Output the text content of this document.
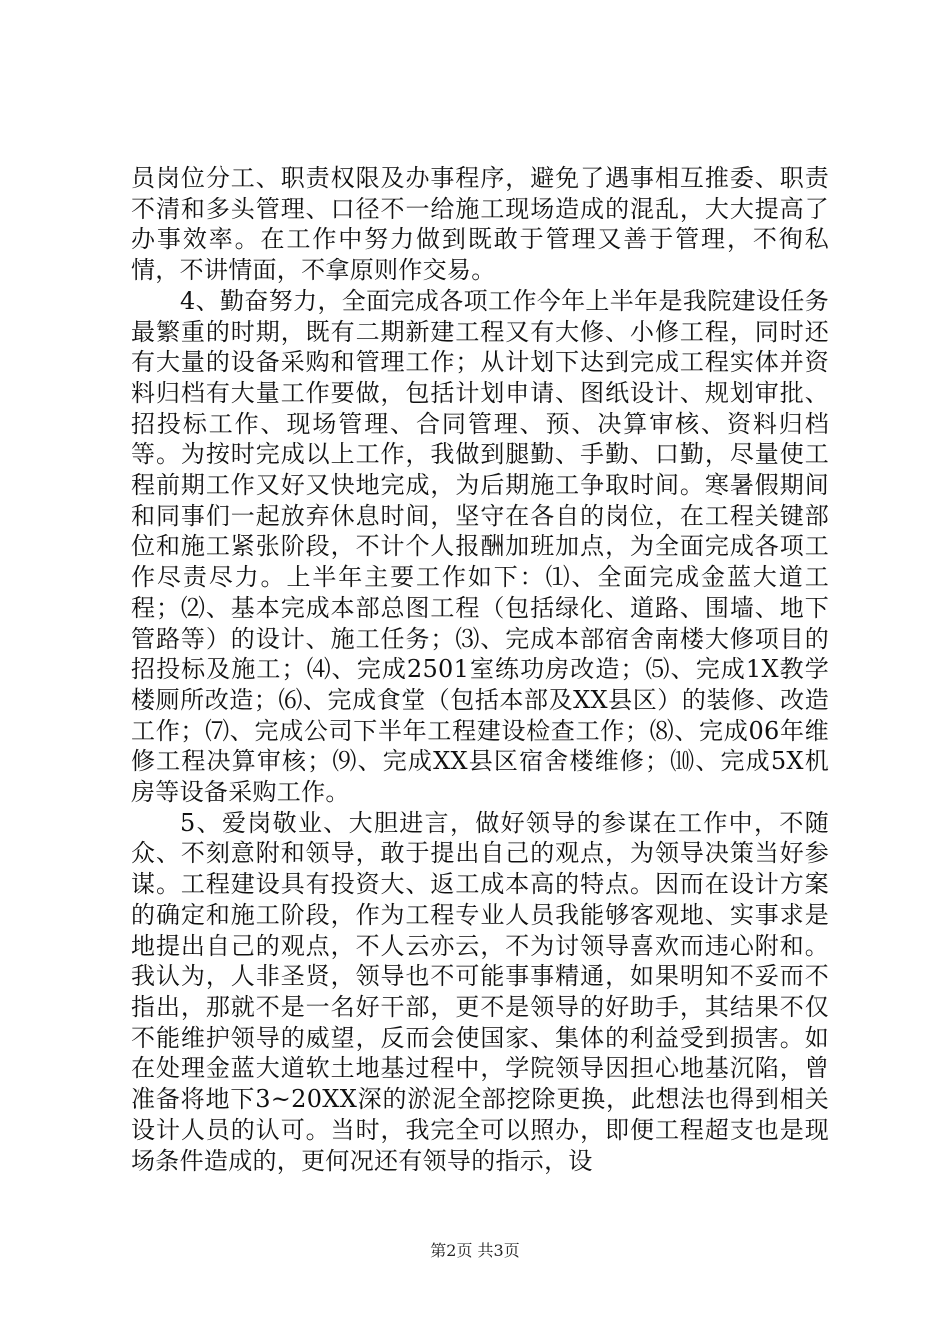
员岗位分工、职责权限及办事程序，避免了遇事相互推委、职责不清和多头管理、口径不一给施工现场造成的混乱，大大提高了办事效率。在工作中努力做到既敢于管理又善于管理，不徇私情，不讲情面，不拿原则作交易。

4、勤奋努力，全面完成各项工作今年上半年是我院建设任务最繁重的时期，既有二期新建工程又有大修、小修工程，同时还有大量的设备采购和管理工作；从计划下达到完成工程实体并资料归档有大量工作要做，包括计划申请、图纸设计、规划审批、招投标工作、现场管理、合同管理、预、决算审核、资料归档等。为按时完成以上工作，我做到腿勤、手勤、口勤，尽量使工程前期工作又好又快地完成，为后期施工争取时间。寒暑假期间和同事们一起放弃休息时间，坚守在各自的岗位，在工程关键部位和施工紧张阶段，不计个人报酬加班加点，为全面完成各项工作尽责尽力。上半年主要工作如下：⑴、全面完成金蓝大道工程；⑵、基本完成本部总图工程（包括绿化、道路、围墙、地下管路等）的设计、施工任务；⑶、完成本部宿舍南楼大修项目的招投标及施工；⑷、完成2501室练功房改造；⑸、完成1X教学楼厕所改造；⑹、完成食堂（包括本部及XX县区）的装修、改造工作；⑺、完成公司下半年工程建设检查工作；⑻、完成06年维修工程决算审核；⑼、完成XX县区宿舍楼维修；⑽、完成5X机房等设备采购工作。

5、爱岗敬业、大胆进言，做好领导的参谋在工作中，不随众、不刻意附和领导，敢于提出自己的观点，为领导决策当好参谋。工程建设具有投资大、返工成本高的特点。因而在设计方案的确定和施工阶段，作为工程专业人员我能够客观地、实事求是地提出自己的观点，不人云亦云，不为讨领导喜欢而违心附和。我认为，人非圣贤，领导也不可能事事精通，如果明知不妥而不指出，那就不是一名好干部，更不是领导的好助手，其结果不仅不能维护领导的威望，反而会使国家、集体的利益受到损害。如在处理金蓝大道软土地基过程中，学院领导因担心地基沉陷，曾准备将地下3~20XX深的淤泥全部挖除更换，此想法也得到相关设计人员的认可。当时，我完全可以照办，即便工程超支也是现场条件造成的，更何况还有领导的指示，设

第2页 共3页
